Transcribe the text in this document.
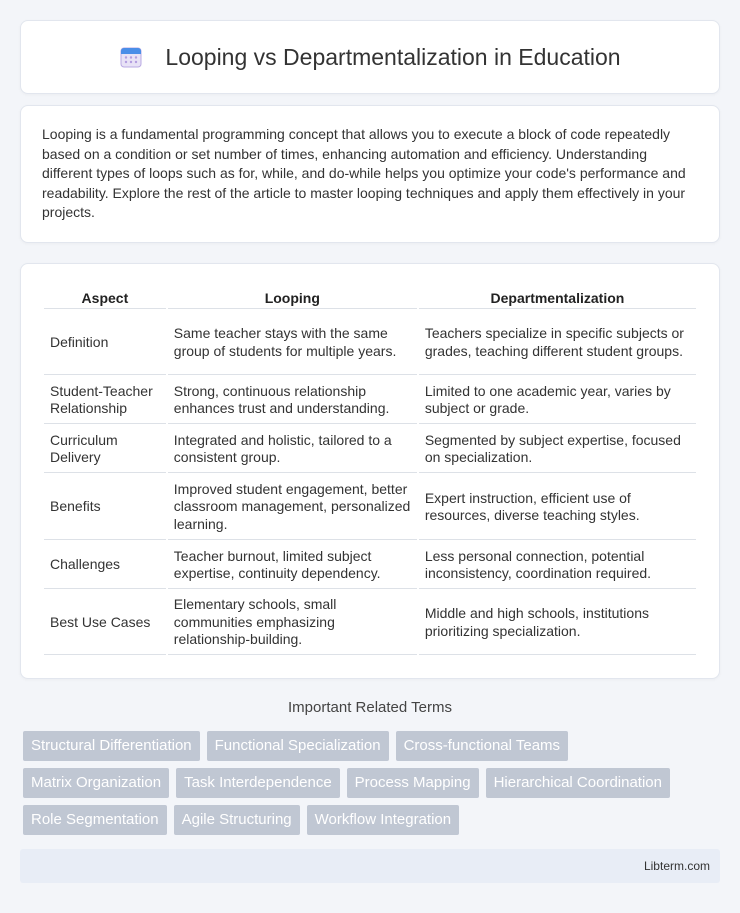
Looping vs Departmentalization in Education

Looping is a fundamental programming concept that allows you to execute a block of code repeatedly based on a condition or set number of times, enhancing automation and efficiency. Understanding different types of loops such as for, while, and do-while helps you optimize your code's performance and readability. Explore the rest of the article to master looping techniques and apply them effectively in your projects.

Aspect	Looping	Departmentalization
Definition	Same teacher stays with the same group of students for multiple years.	Teachers specialize in specific subjects or grades, teaching different student groups.
Student-Teacher Relationship	Strong, continuous relationship enhances trust and understanding.	Limited to one academic year, varies by subject or grade.
Curriculum Delivery	Integrated and holistic, tailored to a consistent group.	Segmented by subject expertise, focused on specialization.
Benefits	Improved student engagement, better classroom management, personalized learning.	Expert instruction, efficient use of resources, diverse teaching styles.
Challenges	Teacher burnout, limited subject expertise, continuity dependency.	Less personal connection, potential inconsistency, coordination required.
Best Use Cases	Elementary schools, small communities emphasizing relationship-building.	Middle and high schools, institutions prioritizing specialization.
Important Related Terms
Structural Differentiation	Functional Specialization	Cross-functional Teams
Matrix Organization	Task Interdependence	Process Mapping	Hierarchical Coordination
Role Segmentation	Agile Structuring	Workflow Integration
Libterm.com
